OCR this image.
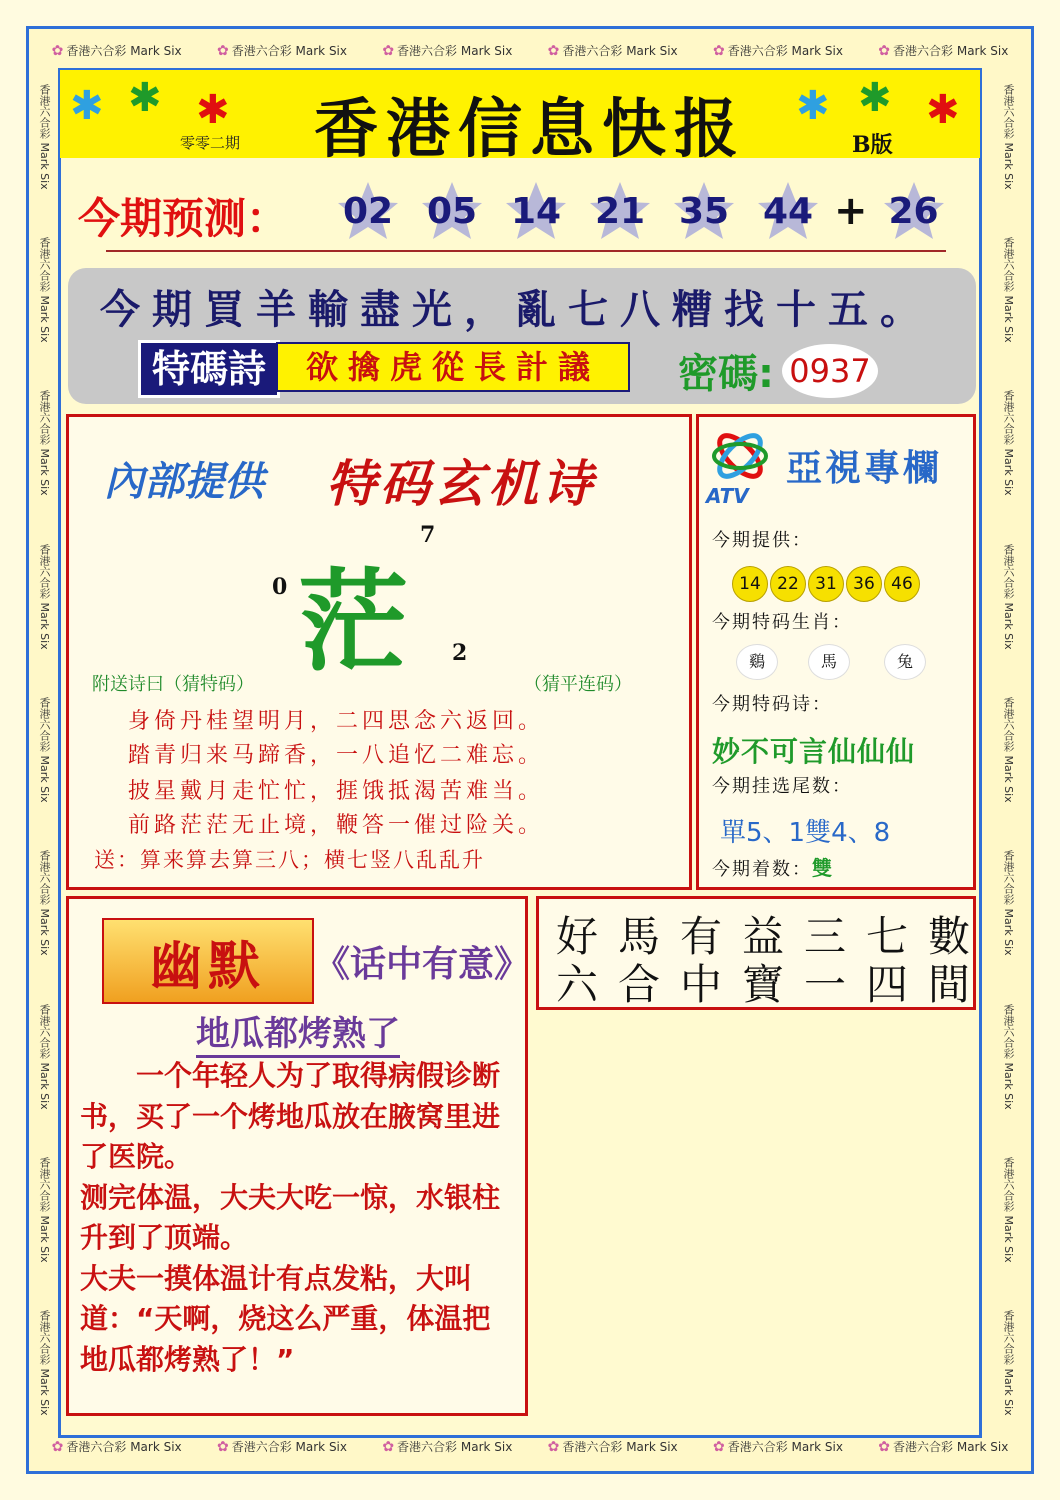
✿ 香港六合彩 Mark Six	✿ 香港六合彩 Mark Six	✿ 香港六合彩 Mark Six	✿ 香港六合彩 Mark Six	✿ 香港六合彩 Mark Six	✿ 香港六合彩 Mark Six
✿ 香港六合彩 Mark Six	✿ 香港六合彩 Mark Six	✿ 香港六合彩 Mark Six	✿ 香港六合彩 Mark Six	✿ 香港六合彩 Mark Six	✿ 香港六合彩 Mark Six
香港六合彩 Mark Six
香港六合彩 Mark Six
香港六合彩 Mark Six
香港六合彩 Mark Six
香港六合彩 Mark Six
香港六合彩 Mark Six
香港六合彩 Mark Six
香港六合彩 Mark Six
香港六合彩 Mark Six
香港六合彩 Mark Six
香港六合彩 Mark Six
香港六合彩 Mark Six
香港六合彩 Mark Six
香港六合彩 Mark Six
香港六合彩 Mark Six
香港六合彩 Mark Six
香港六合彩 Mark Six
香港六合彩 Mark Six
✱ ✱ ✱	✱ ✱ ✱
香港信息快报
零零二期	B版
今期预测： 02 05 14 21 35 44 + 26
今期買羊輸盡光，亂七八糟找十五。
特碼詩	欲擒虎從長計議	密碼: 0937
內部提供 特码玄机诗
茫
7
0
2
附送诗曰（猜特码）	（猜平连码）
身倚丹桂望明月，二四思念六返回。
踏青归来马蹄香，一八追忆二难忘。
披星戴月走忙忙，捱饿抵渴苦难当。
前路茫茫无止境，鞭答一催过险关。
送：算来算去算三八；横七竖八乱乱升
ATV
亞視專欄
今期提供：
14 22 31 36 46
今期特码生肖：
鷄	馬	兔
今期特码诗：
妙不可言仙仙仙
今期挂选尾数：
單5、1雙4、8
今期着数：雙
幽默	《话中有意》
地瓜都烤熟了

　　一个年轻人为了取得病假诊断书，买了一个烤地瓜放在腋窝里进了医院。

测完体温，大夫大吃一惊，水银柱升到了顶端。

大夫一摸体温计有点发粘，大叫道：“天啊，烧这么严重，体温把地瓜都烤熟了！”

好馬有益三七數
六合中寶一四間
